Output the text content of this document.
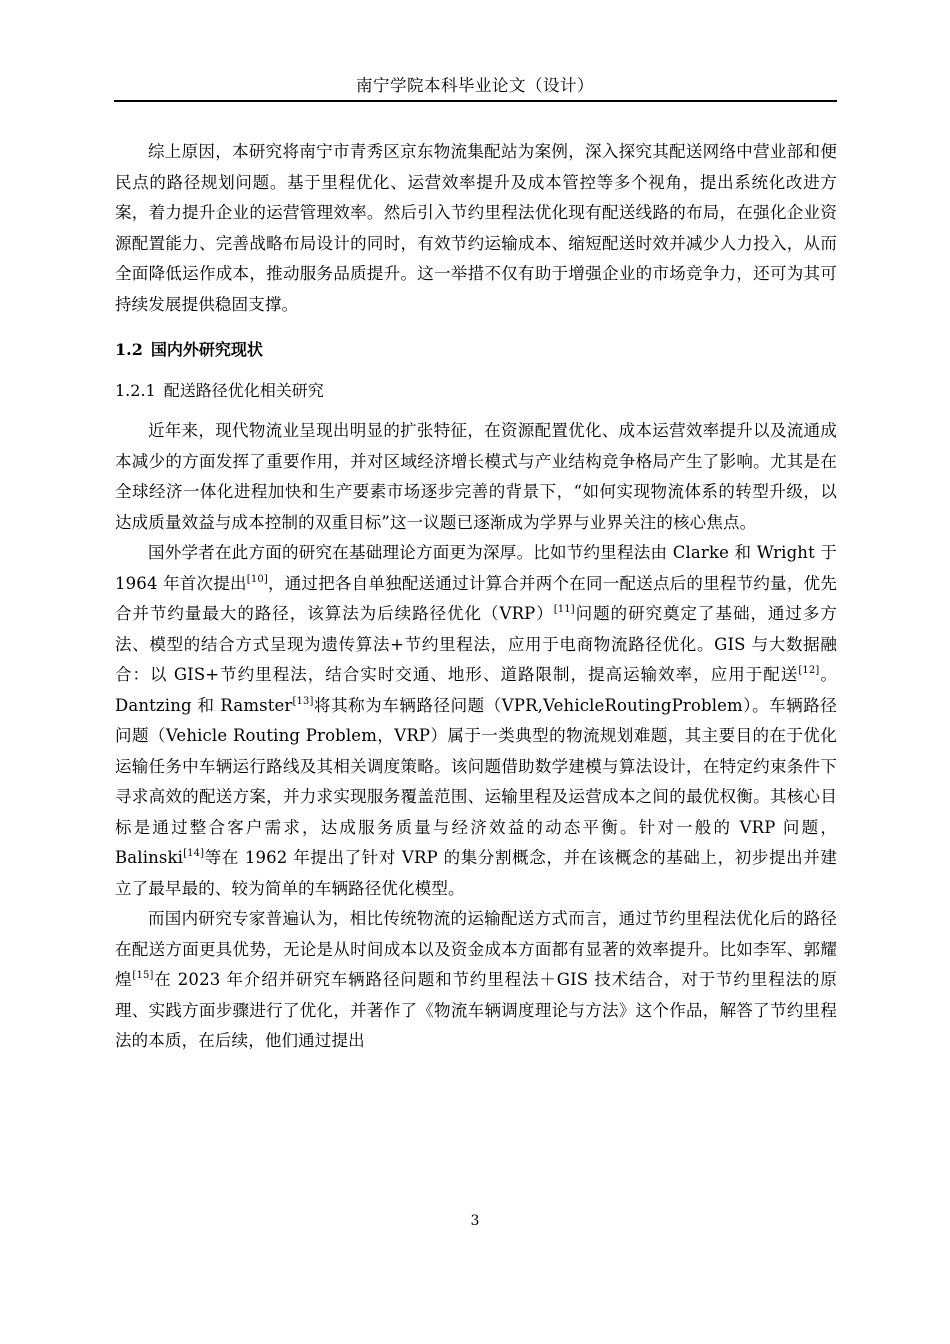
南宁学院本科毕业论文（设计）

综上原因，本研究将南宁市青秀区京东物流集配站为案例，深入探究其配送网络中营业部和便民点的路径规划问题。基于里程优化、运营效率提升及成本管控等多个视角，提出系统化改进方案，着力提升企业的运营管理效率。然后引入节约里程法优化现有配送线路的布局，在强化企业资源配置能力、完善战略布局设计的同时，有效节约运输成本、缩短配送时效并减少人力投入，从而全面降低运作成本，推动服务品质提升。这一举措不仅有助于增强企业的市场竞争力，还可为其可持续发展提供稳固支撑。

1.2 国内外研究现状
1.2.1 配送路径优化相关研究

近年来，现代物流业呈现出明显的扩张特征，在资源配置优化、成本运营效率提升以及流通成本减少的方面发挥了重要作用，并对区域经济增长模式与产业结构竞争格局产生了影响。尤其是在全球经济一体化进程加快和生产要素市场逐步完善的背景下，“如何实现物流体系的转型升级，以达成质量效益与成本控制的双重目标”这一议题已逐渐成为学界与业界关注的核心焦点。

国外学者在此方面的研究在基础理论方面更为深厚。比如节约里程法由 Clarke 和 Wright 于 1964 年首次提出[10]，通过把各自单独配送通过计算合并两个在同一配送点后的里程节约量，优先合并节约量最大的路径，该算法为后续路径优化（VRP）[11]问题的研究奠定了基础，通过多方法、模型的结合方式呈现为遗传算法+节约里程法，应用于电商物流路径优化。GIS 与大数据融合：以 GIS+节约里程法，结合实时交通、地形、道路限制，提高运输效率，应用于配送[12]。Dantzing 和 Ramster[13]将其称为车辆路径问题（VPR,VehicleRoutingProblem）。车辆路径问题（Vehicle Routing Problem，VRP）属于一类典型的物流规划难题，其主要目的在于优化运输任务中车辆运行路线及其相关调度策略。该问题借助数学建模与算法设计，在特定约束条件下寻求高效的配送方案，并力求实现服务覆盖范围、运输里程及运营成本之间的最优权衡。其核心目标是通过整合客户需求，达成服务质量与经济效益的动态平衡。针对一般的 VRP 问题，Balinski[14]等在 1962 年提出了针对 VRP 的集分割概念，并在该概念的基础上，初步提出并建立了最早最的、较为简单的车辆路径优化模型。

而国内研究专家普遍认为，相比传统物流的运输配送方式而言，通过节约里程法优化后的路径在配送方面更具优势，无论是从时间成本以及资金成本方面都有显著的效率提升。比如李军、郭耀煌[15]在 2023 年介绍并研究车辆路径问题和节约里程法＋GIS 技术结合，对于节约里程法的原理、实践方面步骤进行了优化，并著作了《物流车辆调度理论与方法》这个作品，解答了节约里程法的本质，在后续，他们通过提出

3
